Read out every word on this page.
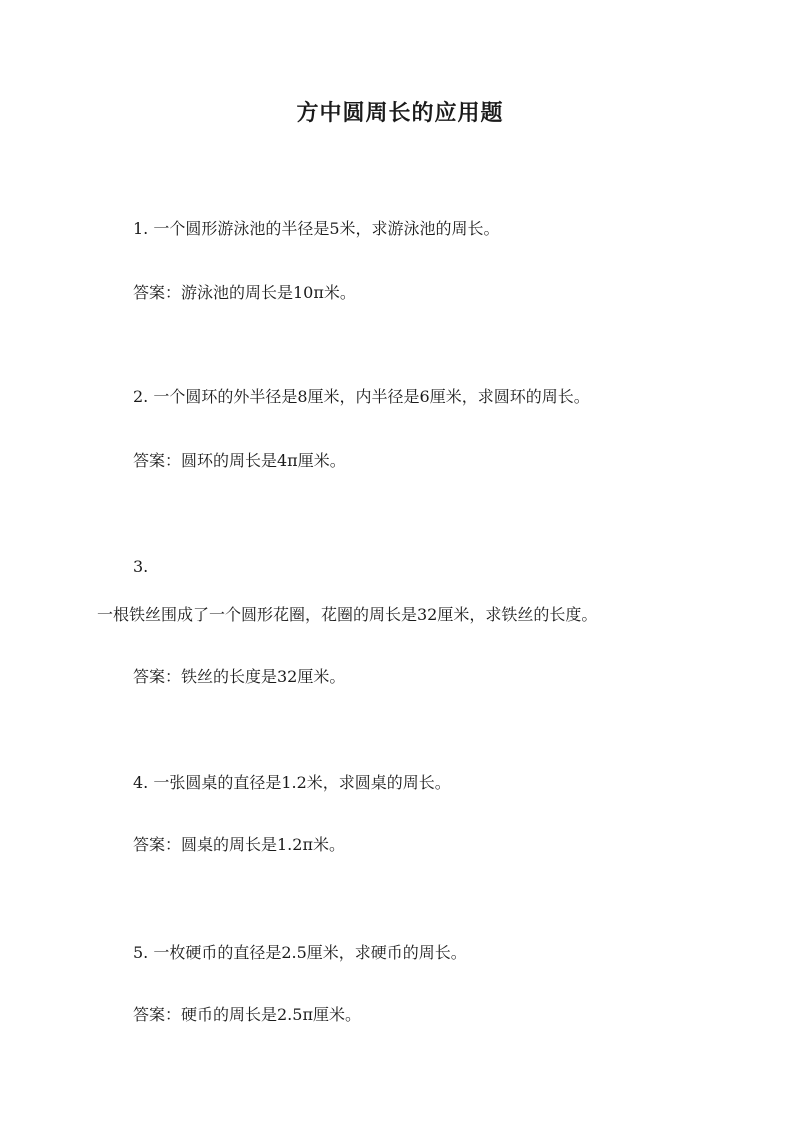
方中圆周长的应用题
1. 一个圆形游泳池的半径是5米，求游泳池的周长。
答案：游泳池的周长是10π米。
2. 一个圆环的外半径是8厘米，内半径是6厘米，求圆环的周长。
答案：圆环的周长是4π厘米。
3.
一根铁丝围成了一个圆形花圈，花圈的周长是32厘米，求铁丝的长度。
答案：铁丝的长度是32厘米。
4. 一张圆桌的直径是1.2米，求圆桌的周长。
答案：圆桌的周长是1.2π米。
5. 一枚硬币的直径是2.5厘米，求硬币的周长。
答案：硬币的周长是2.5π厘米。
